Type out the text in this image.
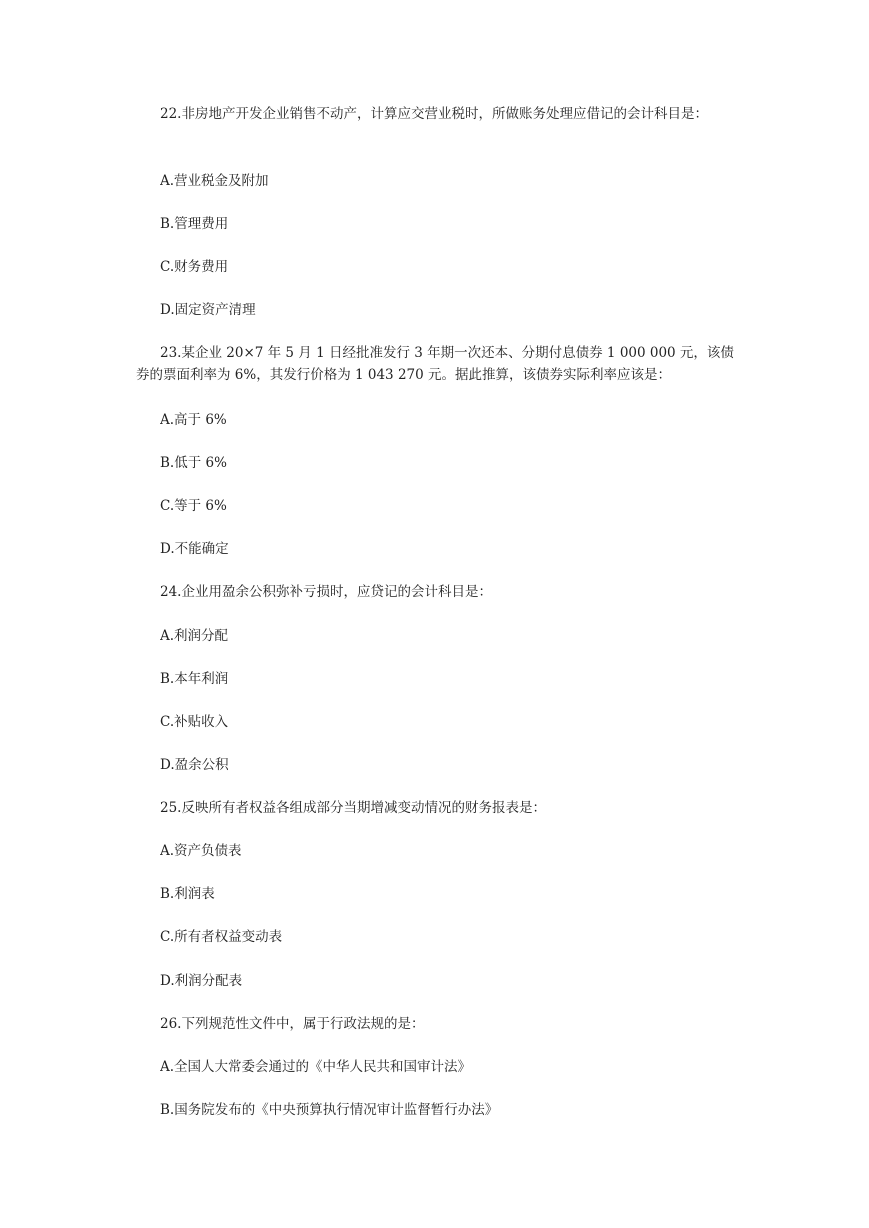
22.非房地产开发企业销售不动产，计算应交营业税时，所做账务处理应借记的会计科目是：
A.营业税金及附加
B.管理费用
C.财务费用
D.固定资产清理
23.某企业 20×7 年 5 月 1 日经批准发行 3 年期一次还本、分期付息债券 1 000 000 元，该债券的票面利率为 6%，其发行价格为 1 043 270 元。据此推算，该债券实际利率应该是：
A.高于 6%
B.低于 6%
C.等于 6%
D.不能确定
24.企业用盈余公积弥补亏损时，应贷记的会计科目是：
A.利润分配
B.本年利润
C.补贴收入
D.盈余公积
25.反映所有者权益各组成部分当期增减变动情况的财务报表是：
A.资产负债表
B.利润表
C.所有者权益变动表
D.利润分配表
26.下列规范性文件中，属于行政法规的是：
A.全国人大常委会通过的《中华人民共和国审计法》
B.国务院发布的《中央预算执行情况审计监督暂行办法》
